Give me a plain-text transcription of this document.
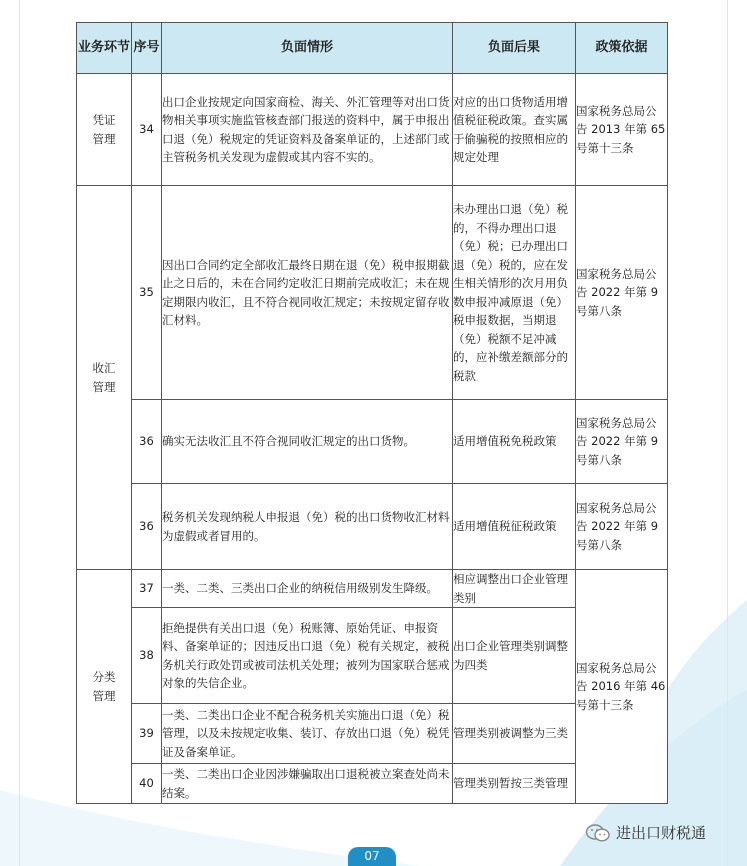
业务环节	序号	负面情形	负面后果	政策依据

凭证管理	34	出口企业按规定向国家商检、海关、外汇管理等对出口货物相关事项实施监管核查部门报送的资料中，属于申报出口退（免）税规定的凭证资料及备案单证的，上述部门或主管税务机关发现为虚假或其内容不实的。	对应的出口货物适用增值税征税政策。查实属于偷骗税的按照相应的规定处理	国家税务总局公告 2013 年第 65 号第十三条

收汇管理	35	因出口合同约定全部收汇最终日期在退（免）税申报期截止之日后的，未在合同约定收汇日期前完成收汇；未在规定期限内收汇，且不符合视同收汇规定；未按规定留存收汇材料。	未办理出口退（免）税的，不得办理出口退（免）税；已办理出口退（免）税的，应在发生相关情形的次月用负数申报冲减原退（免）税申报数据，当期退（免）税额不足冲减的，应补缴差额部分的税款	国家税务总局公告 2022 年第 9 号第八条
	36	确实无法收汇且不符合视同收汇规定的出口货物。	适用增值税免税政策	国家税务总局公告 2022 年第 9 号第八条
	36	税务机关发现纳税人申报退（免）税的出口货物收汇材料为虚假或者冒用的。	适用增值税征税政策	国家税务总局公告 2022 年第 9 号第八条

分类管理	37	一类、二类、三类出口企业的纳税信用级别发生降级。	相应调整出口企业管理类别	国家税务总局公告 2016 年第 46 号第十三条
	38	拒绝提供有关出口退（免）税账簿、原始凭证、申报资料、备案单证的；因违反出口退（免）税有关规定，被税务机关行政处罚或被司法机关处理；被列为国家联合惩戒对象的失信企业。	出口企业管理类别调整为四类	
	39	一类、二类出口企业不配合税务机关实施出口退（免）税管理，以及未按规定收集、装订、存放出口退（免）税凭证及备案单证。	管理类别被调整为三类	
	40	一类、二类出口企业因涉嫌骗取出口退税被立案查处尚未结案。	管理类别暂按三类管理	
进出口财税通
07
